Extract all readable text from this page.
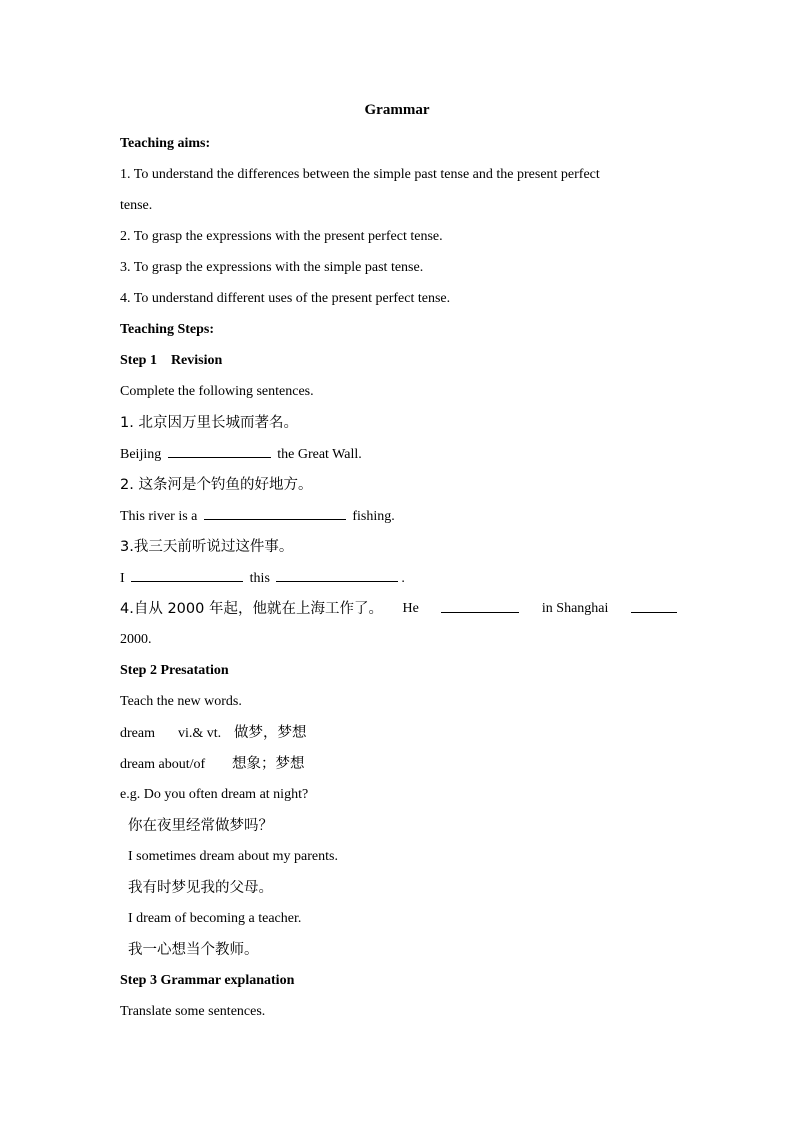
Grammar
Teaching aims:
1. To understand the differences between the simple past tense and the present perfect
tense.
2. To grasp the expressions with the present perfect tense.
3. To grasp the expressions with the simple past tense.
4. To understand different uses of the present perfect tense.
Teaching Steps:
Step 1    Revision
Complete the following sentences.
1. 北京因万里长城而著名。
Beijing	the Great Wall.
2. 这条河是个钓鱼的好地方。
This river is a	fishing.
3.我三天前听说过这件事。
I	this	.
4.自从 2000 年起，他就在上海工作了。 He	in Shanghai
2000.
Step 2 Presatation
Teach the new words.
dream vi.& vt. 做梦，梦想
dream about/of 想象；梦想
e.g. Do you often dream at night?
你在夜里经常做梦吗？
I sometimes dream about my parents.
我有时梦见我的父母。
I dream of becoming a teacher.
我一心想当个教师。
Step 3 Grammar explanation
Translate some sentences.
